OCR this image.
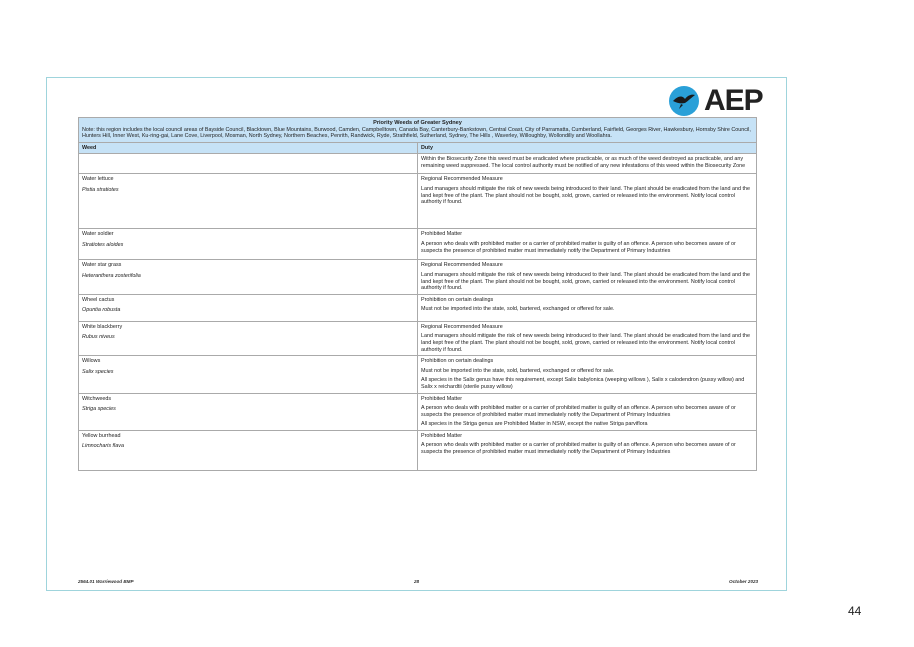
AEP
Priority Weeds of Greater Sydney
Note: this region includes the local council areas of Bayside Council, Blacktown, Blue Mountains, Burwood, Camden, Campbelltown, Canada Bay, Canterbury-Bankstown, Central Coast, City of Parramatta, Cumberland, Fairfield, Georges River, Hawkesbury, Hornsby Shire Council, Hunters Hill, Inner West, Ku-ring-gai, Lane Cove, Liverpool, Mosman, North Sydney, Northern Beaches, Penrith, Randwick, Ryde, Strathfield, Sutherland, Sydney, The Hills , Waverley, Willoughby, Wollondilly and Woollahra.	

Weed	Duty
	Within the Biosecurity Zone this weed must be eradicated where practicable, or as much of the weed destroyed as practicable, and any remaining weed suppressed. The local control authority must be notified of any new infestations of this weed within the Biosecurity Zone
Water lettuce
Pistia stratiotes	Regional Recommended Measure
Land managers should mitigate the risk of new weeds being introduced to their land. The plant should be eradicated from the land and the land kept free of the plant. The plant should not be bought, sold, grown, carried or released into the environment. Notify local control authority if found.

Water soldier
Stratiotes aloides	Prohibited Matter
A person who deals with prohibited matter or a carrier of prohibited matter is guilty of an offence. A person who becomes aware of or suspects the presence of prohibited matter must immediately notify the Department of Primary Industries

Water star grass
Heteranthera zosterifolia	Regional Recommended Measure
Land managers should mitigate the risk of new weeds being introduced to their land. The plant should be eradicated from the land and the land kept free of the plant. The plant should not be bought, sold, grown, carried or released into the environment. Notify local control authority if found.

Wheel cactus
Opuntia robusta	Prohibition on certain dealings
Must not be imported into the state, sold, bartered, exchanged or offered for sale.

White blackberry
Rubus niveus	Regional Recommended Measure
Land managers should mitigate the risk of new weeds being introduced to their land. The plant should be eradicated from the land and the land kept free of the plant. The plant should not be bought, sold, grown, carried or released into the environment. Notify local control authority if found.

Willows
Salix species	Prohibition on certain dealings
Must not be imported into the state, sold, bartered, exchanged or offered for sale.
All species in the Salix genus have this requirement, except Salix babylonica (weeping willows ), Salix x calodendron (pussy willow) and Salix x reichardtii (sterile pussy willow)

Witchweeds
Striga species	Prohibited Matter
A person who deals with prohibited matter or a carrier of prohibited matter is guilty of an offence. A person who becomes aware of or suspects the presence of prohibited matter must immediately notify the Department of Primary Industries
All species in the Striga genus are Prohibited Matter in NSW, except the native Striga parviflora

Yellow burrhead
Limnocharis flava	Prohibited Matter
A person who deals with prohibited matter or a carrier of prohibited matter is guilty of an offence. A person who becomes aware of or suspects the presence of prohibited matter must immediately notify the Department of Primary Industries
2564.01 Warriewood BMP	28	October 2023
44
